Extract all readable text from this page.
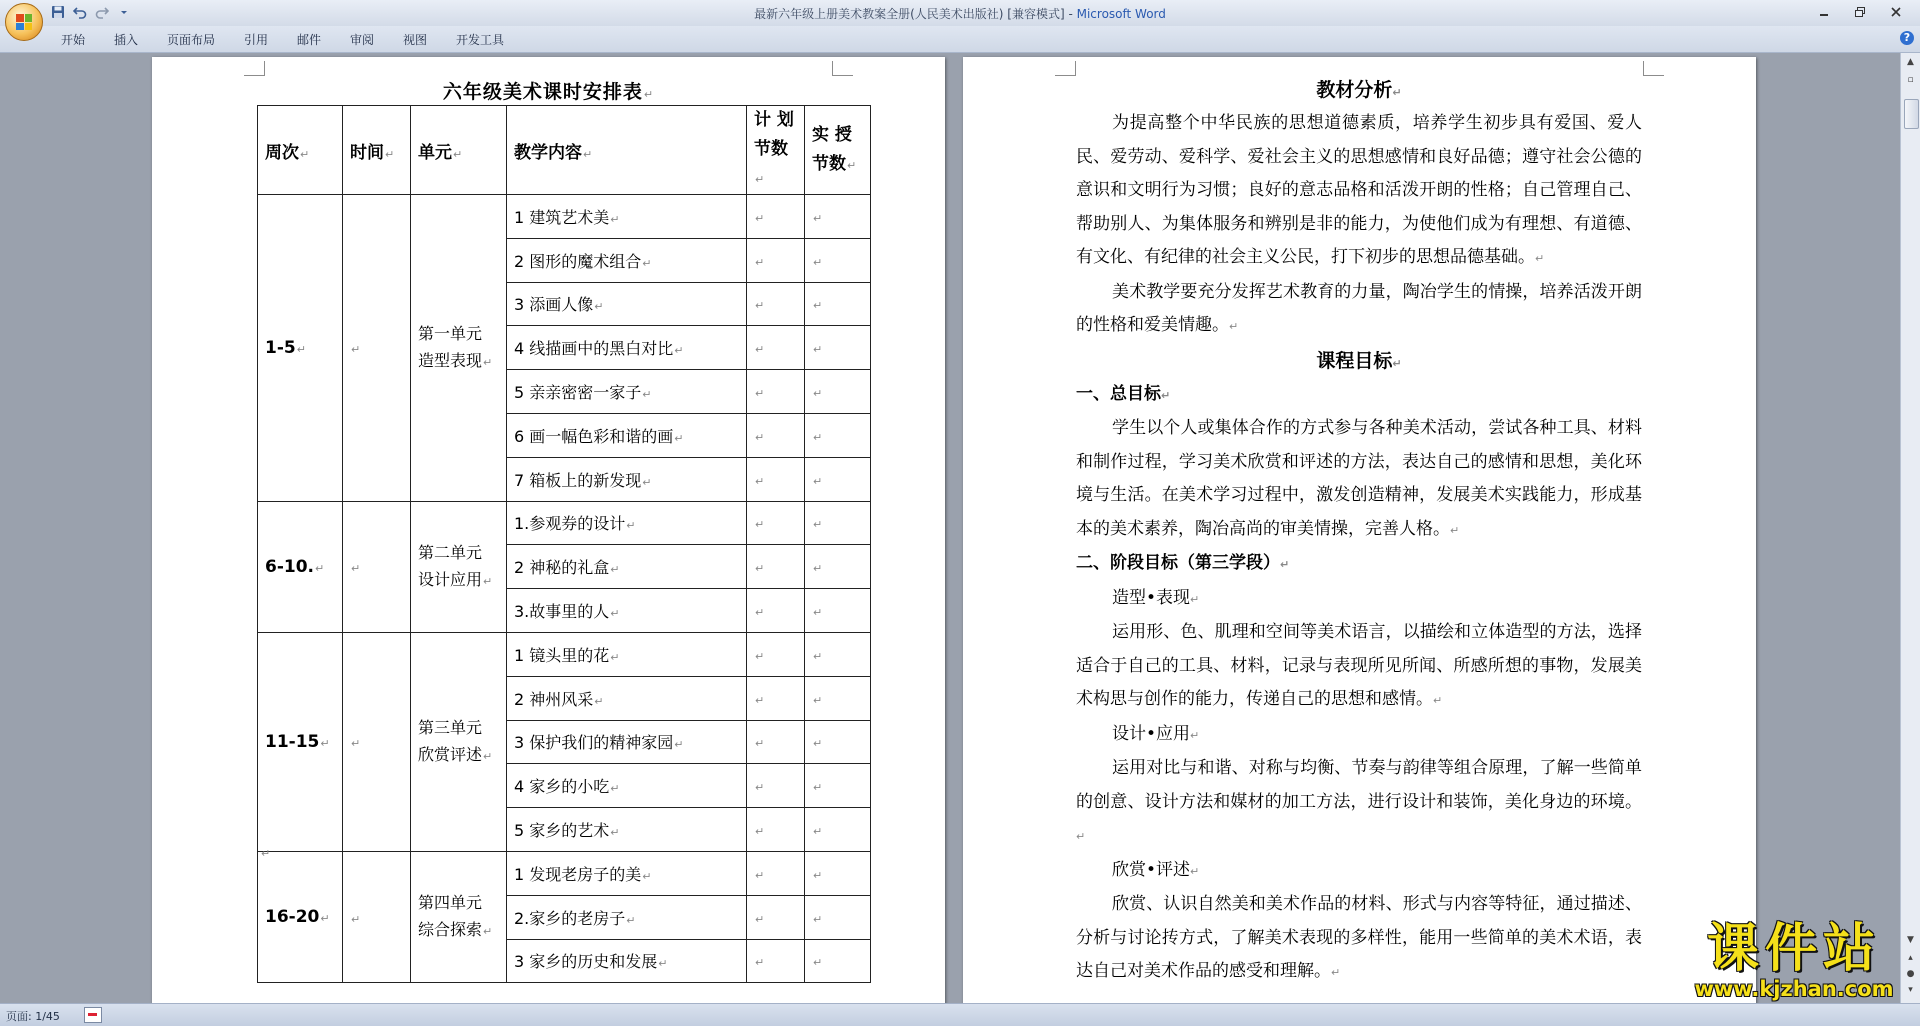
最新六年级上册美术教案全册(人民美术出版社) [兼容模式] - Microsoft Word
开始 插入 页面布局 引用 邮件 审阅 视图 开发工具	?
六年级美术课时安排表↵
周次↵	时间↵	单元↵	教学内容↵	计 划
节数↵	实 授
节数↵
1-5↵	↵	第一单元
造型表现↵	1 建筑艺术美↵	↵	↵
			2 图形的魔术组合↵	↵	↵
			3 添画人像↵	↵	↵
			4 线描画中的黑白对比↵	↵	↵
			5 亲亲密密一家子↵	↵	↵
			6 画一幅色彩和谐的画↵	↵	↵
			7 箱板上的新发现↵	↵	↵
6-10.↵	↵	第二单元
设计应用↵	1.参观券的设计↵	↵	↵
			2 神秘的礼盒↵	↵	↵
			3.故事里的人↵	↵	↵
11-15↵	↵	第三单元
欣赏评述↵	1 镜头里的花↵	↵	↵
			2 神州风采↵	↵	↵
			3 保护我们的精神家园↵	↵	↵
			4 家乡的小吃↵	↵	↵
			5 家乡的艺术↵	↵	↵
16-20↵	↵	第四单元
综合探索↵	1 发现老房子的美↵	↵	↵
			2.家乡的老房子↵	↵	↵
			3 家乡的历史和发展↵	↵	↵
↵
教材分析↵
为提高整个中华民族的思想道德素质，培养学生初步具有爱国、爱人民、爱劳动、爱科学、爱社会主义的思想感情和良好品德；遵守社会公德的意识和文明行为习惯；良好的意志品格和活泼开朗的性格；自己管理自己、帮助别人、为集体服务和辨别是非的能力，为使他们成为有理想、有道德、有文化、有纪律的社会主义公民，打下初步的思想品德基础。↵
美术教学要充分发挥艺术教育的力量，陶冶学生的情操，培养活泼开朗的性格和爱美情趣。↵
课程目标↵
一、总目标↵
学生以个人或集体合作的方式参与各种美术活动，尝试各种工具、材料和制作过程，学习美术欣赏和评述的方法，表达自己的感情和思想，美化环境与生活。在美术学习过程中，激发创造精神，发展美术实践能力，形成基本的美术素养，陶冶高尚的审美情操，完善人格。↵
二、阶段目标（第三学段）↵
造型•表现↵
运用形、色、肌理和空间等美术语言，以描绘和立体造型的方法，选择适合于自己的工具、材料，记录与表现所见所闻、所感所想的事物，发展美术构思与创作的能力，传递自己的思想和感情。↵
设计•应用↵
运用对比与和谐、对称与均衡、节奏与韵律等组合原理，了解一些简单的创意、设计方法和媒材的加工方法，进行设计和装饰，美化身边的环境。↵
欣赏•评述↵
欣赏、认识自然美和美术作品的材料、形式与内容等特征，通过描述、分析与讨论抟方式，了解美术表现的多样性，能用一些简单的美术术语，表达自己对美术作品的感受和理解。↵
▲
▫
▼
▴
●
▾
页面: 1/45
课件站
www.kjzhan.com
